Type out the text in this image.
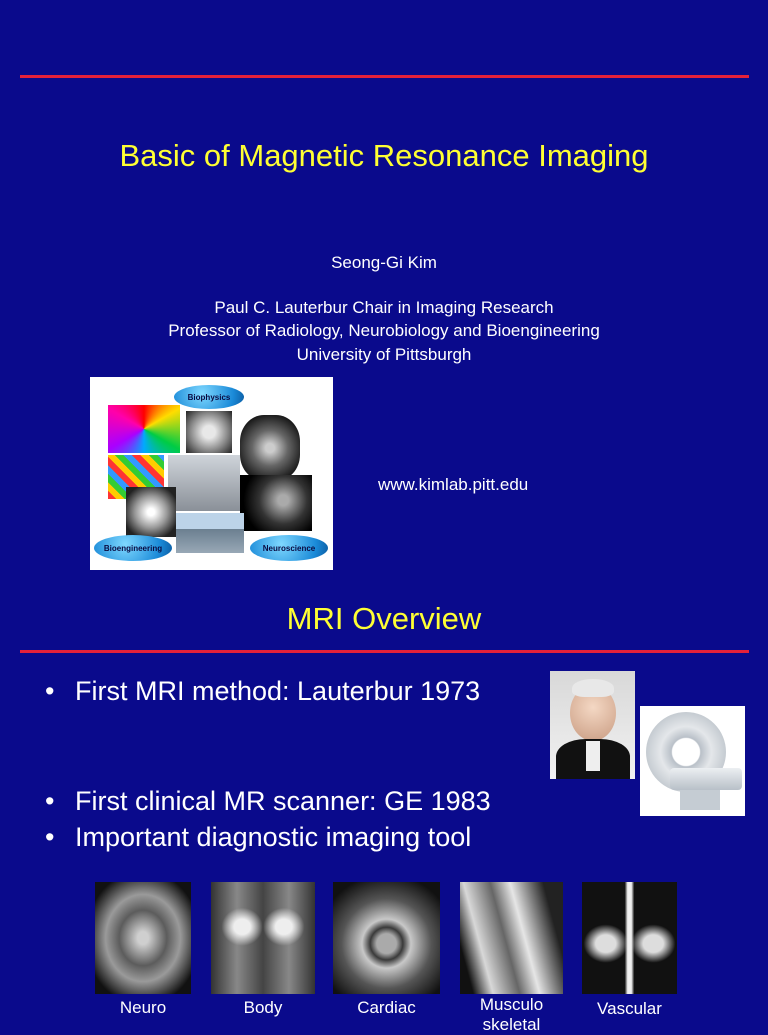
Basic of Magnetic Resonance Imaging
Seong-Gi Kim
Paul C. Lauterbur Chair in Imaging Research
Professor of Radiology, Neurobiology and Bioengineering
University of Pittsburgh
Biophysics
Bioengineering	Neuroscience
www.kimlab.pitt.edu
MRI Overview
• First MRI method: Lauterbur 1973
• First clinical MR scanner: GE 1983
• Important diagnostic imaging tool
Neuro	Body	Cardiac	Musculo skeletal
Vascular
